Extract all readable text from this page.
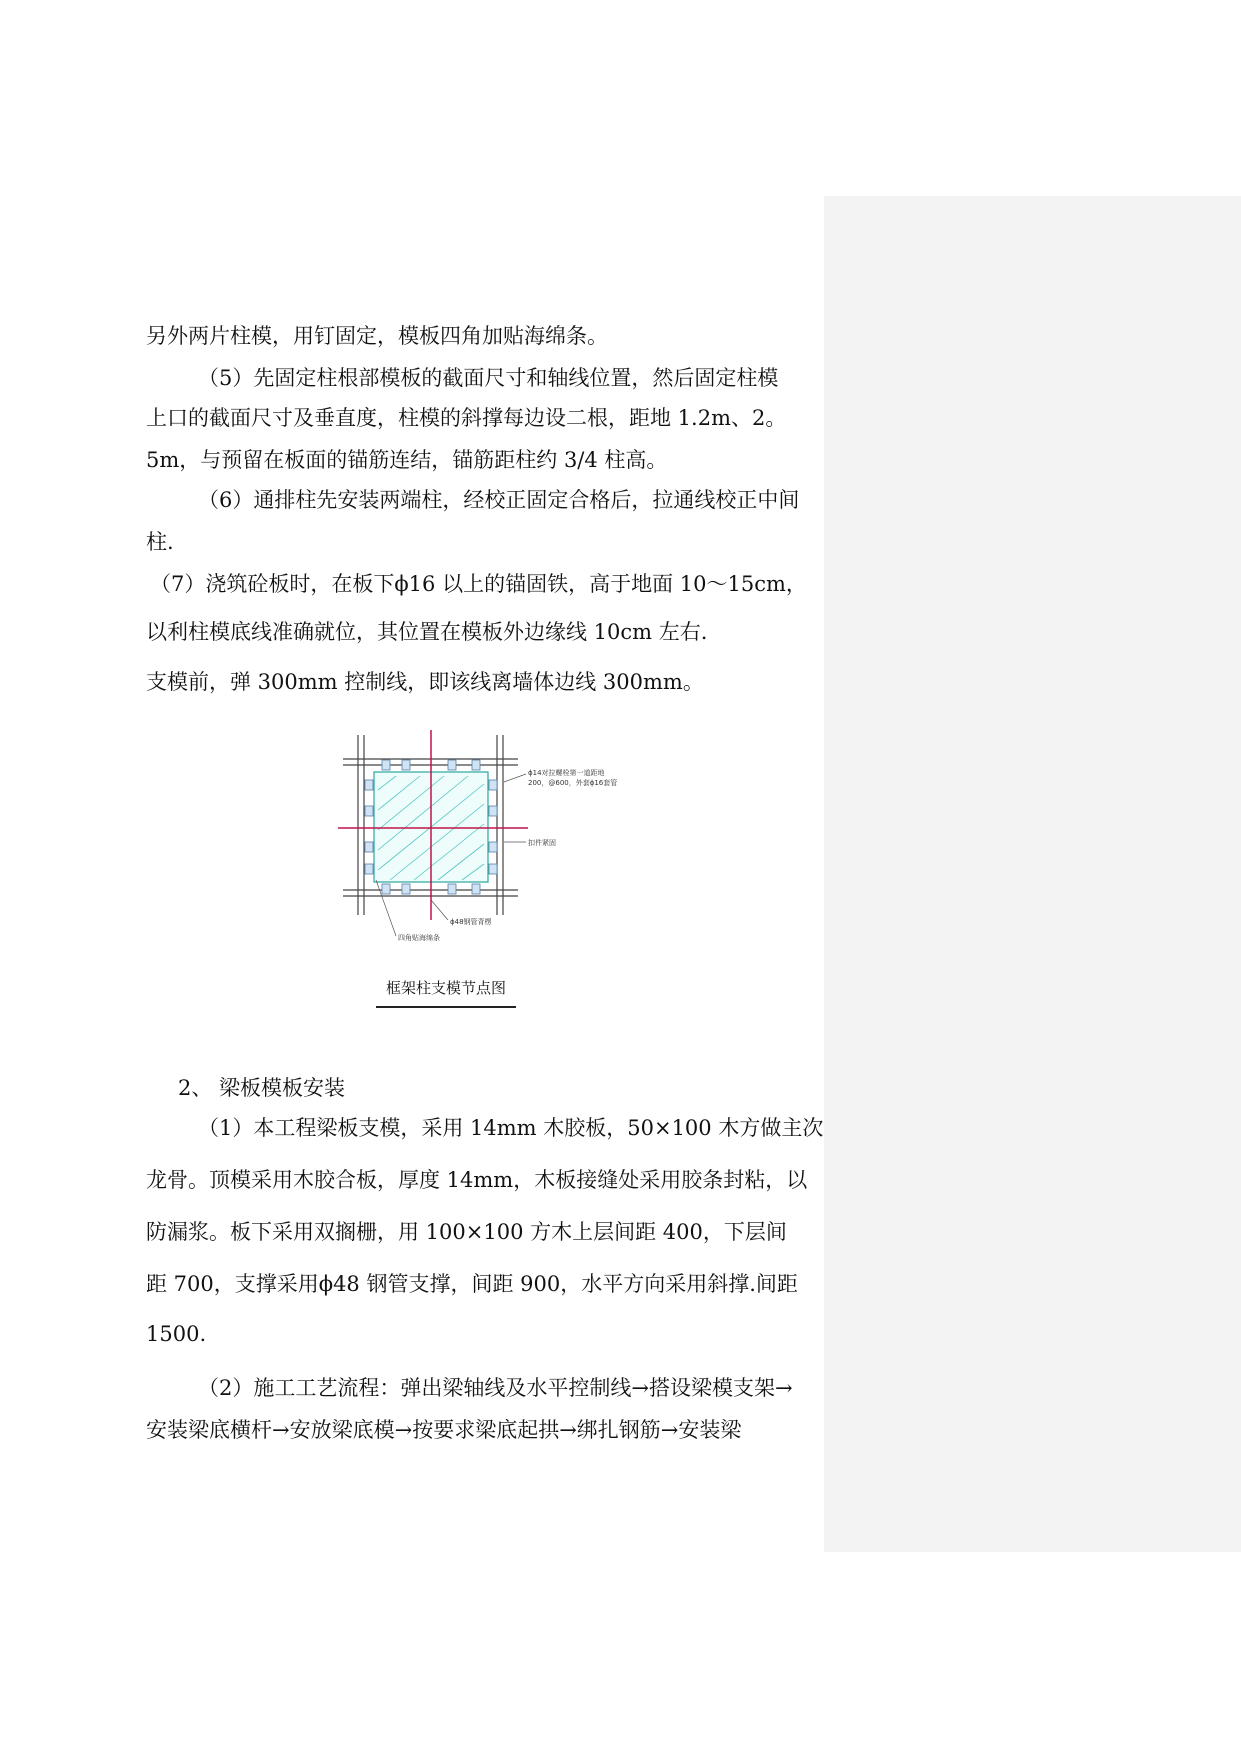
另外两片柱模，用钉固定，模板四角加贴海绵条。
（5）先固定柱根部模板的截面尺寸和轴线位置，然后固定柱模
上口的截面尺寸及垂直度，柱模的斜撑每边设二根，距地 1.2m、2。
5m，与预留在板面的锚筋连结，锚筋距柱约 3/4 柱高。
（6）通排柱先安装两端柱，经校正固定合格后，拉通线校正中间
柱.
（7）浇筑砼板时，在板下ϕ16 以上的锚固铁，高于地面 10～15cm，
以利柱模底线准确就位，其位置在模板外边缘线 10cm 左右.
支模前，弹 300mm 控制线，即该线离墙体边线 300mm。
ϕ14对拉螺栓第一道距地
200，@600，外套ϕ16套管
扣件紧固
ϕ48钢管背楞
四角贴海绵条
框架柱支模节点图
2、 梁板模板安装
（1）本工程梁板支模，采用 14mm 木胶板，50×100 木方做主次
龙骨。顶模采用木胶合板，厚度 14mm，木板接缝处采用胶条封粘，以
防漏浆。板下采用双搁栅，用 100×100 方木上层间距 400，下层间
距 700，支撑采用ϕ48 钢管支撑，间距 900，水平方向采用斜撑.间距
1500.
（2）施工工艺流程：弹出梁轴线及水平控制线→搭设梁模支架→
安装梁底横杆→安放梁底模→按要求梁底起拱→绑扎钢筋→安装梁
